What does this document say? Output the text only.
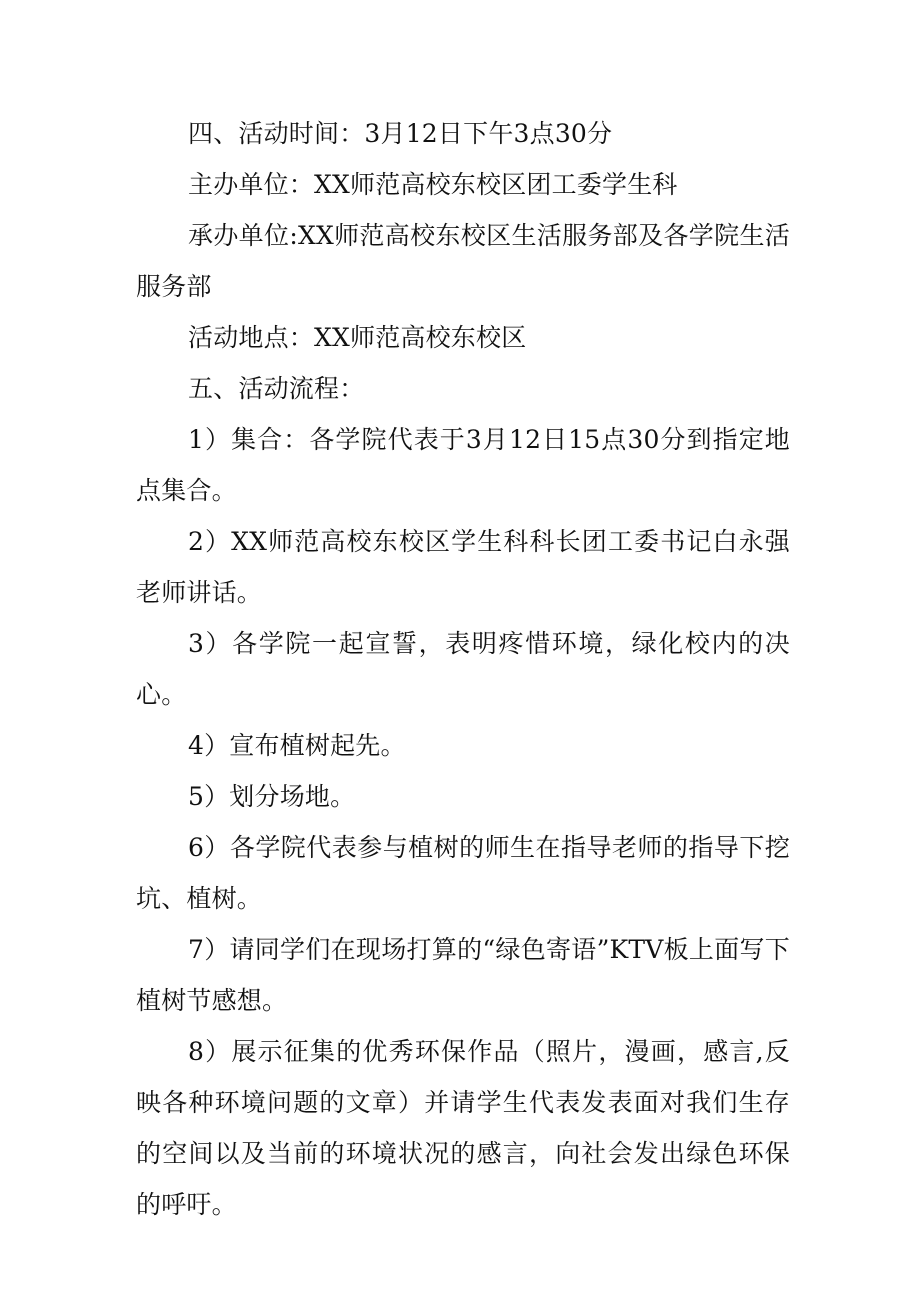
四、活动时间：3月12日下午3点30分

主办单位：XX师范高校东校区团工委学生科

承办单位:XX师范高校东校区生活服务部及各学院生活服务部

活动地点：XX师范高校东校区

五、活动流程：

1）集合：各学院代表于3月12日15点30分到指定地点集合。

2）XX师范高校东校区学生科科长团工委书记白永强老师讲话。

3）各学院一起宣誓，表明疼惜环境，绿化校内的决心。

4）宣布植树起先。

5）划分场地。

6）各学院代表参与植树的师生在指导老师的指导下挖坑、植树。

7）请同学们在现场打算的“绿色寄语”KTV板上面写下植树节感想。

8）展示征集的优秀环保作品（照片，漫画，感言,反映各种环境问题的文章）并请学生代表发表面对我们生存的空间以及当前的环境状况的感言，向社会发出绿色环保的呼吁。
